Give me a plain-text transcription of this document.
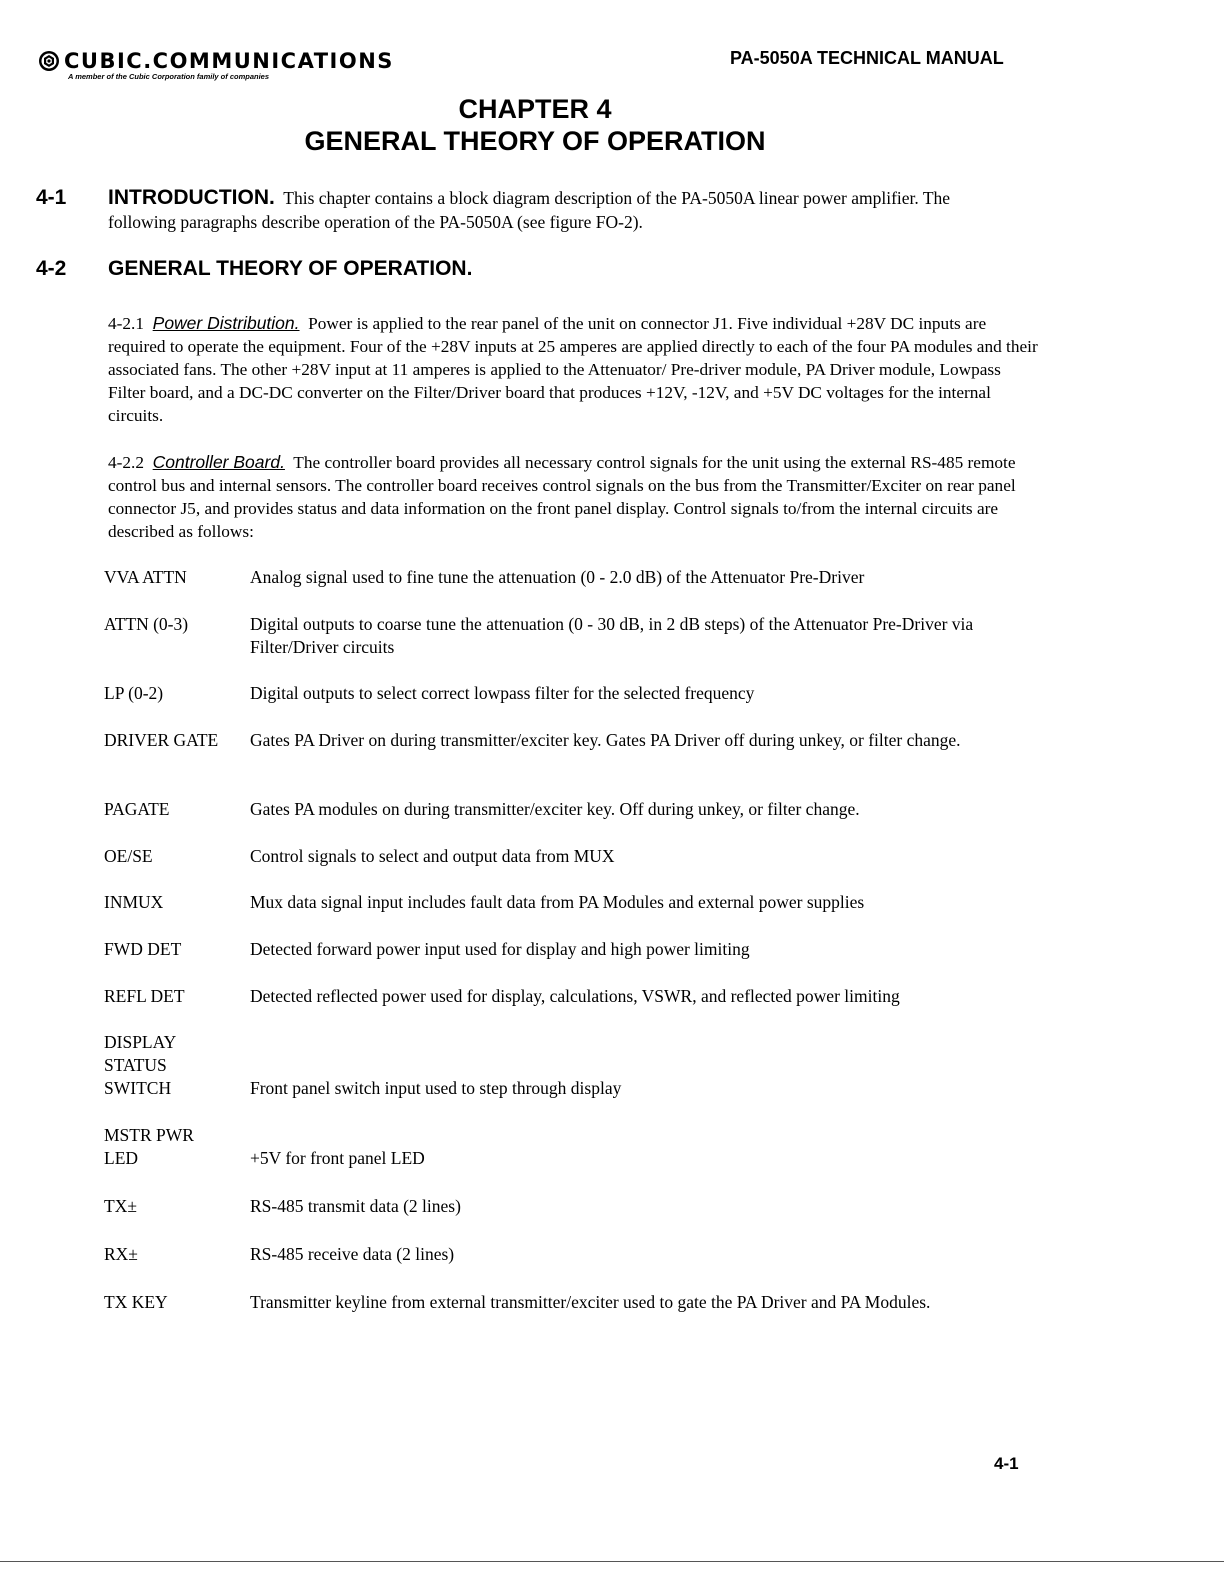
CUBIC.COMMUNICATIONS
A member of the Cubic Corporation family of companies
PA-5050A TECHNICAL MANUAL
CHAPTER 4
GENERAL THEORY OF OPERATION
4-1 INTRODUCTION. This chapter contains a block diagram description of the PA-5050A linear power amplifier. The following paragraphs describe operation of the PA-5050A (see figure FO-2).
4-2 GENERAL THEORY OF OPERATION.
4-2.1 Power Distribution. Power is applied to the rear panel of the unit on connector J1. Five individual +28V DC inputs are required to operate the equipment. Four of the +28V inputs at 25 amperes are applied directly to each of the four PA modules and their associated fans. The other +28V input at 11 amperes is applied to the Attenuator/ Pre-driver module, PA Driver module, Lowpass Filter board, and a DC-DC converter on the Filter/Driver board that produces +12V, -12V, and +5V DC voltages for the internal circuits.
4-2.2 Controller Board. The controller board provides all necessary control signals for the unit using the external RS-485 remote control bus and internal sensors. The controller board receives control signals on the bus from the Transmitter/Exciter on rear panel connector J5, and provides status and data information on the front panel display. Control signals to/from the internal circuits are described as follows:
VVA ATTN	Analog signal used to fine tune the attenuation (0 - 2.0 dB) of the Attenuator Pre-Driver
ATTN (0-3)	Digital outputs to coarse tune the attenuation (0 - 30 dB, in 2 dB steps) of the Attenuator Pre-Driver via Filter/Driver circuits
LP (0-2)	Digital outputs to select correct lowpass filter for the selected frequency
DRIVER GATE	Gates PA Driver on during transmitter/exciter key. Gates PA Driver off during unkey, or filter change.
PAGATE	Gates PA modules on during transmitter/exciter key. Off during unkey, or filter change.
OE/SE	Control signals to select and output data from MUX
INMUX	Mux data signal input includes fault data from PA Modules and external power supplies
FWD DET	Detected forward power input used for display and high power limiting
REFL DET	Detected reflected power used for display, calculations, VSWR, and reflected power limiting
DISPLAY
STATUS
SWITCH	Front panel switch input used to step through display
MSTR PWR
LED	+5V for front panel LED
TX±	RS-485 transmit data (2 lines)
RX±	RS-485 receive data (2 lines)
TX KEY	Transmitter keyline from external transmitter/exciter used to gate the PA Driver and PA Modules.
4-1
